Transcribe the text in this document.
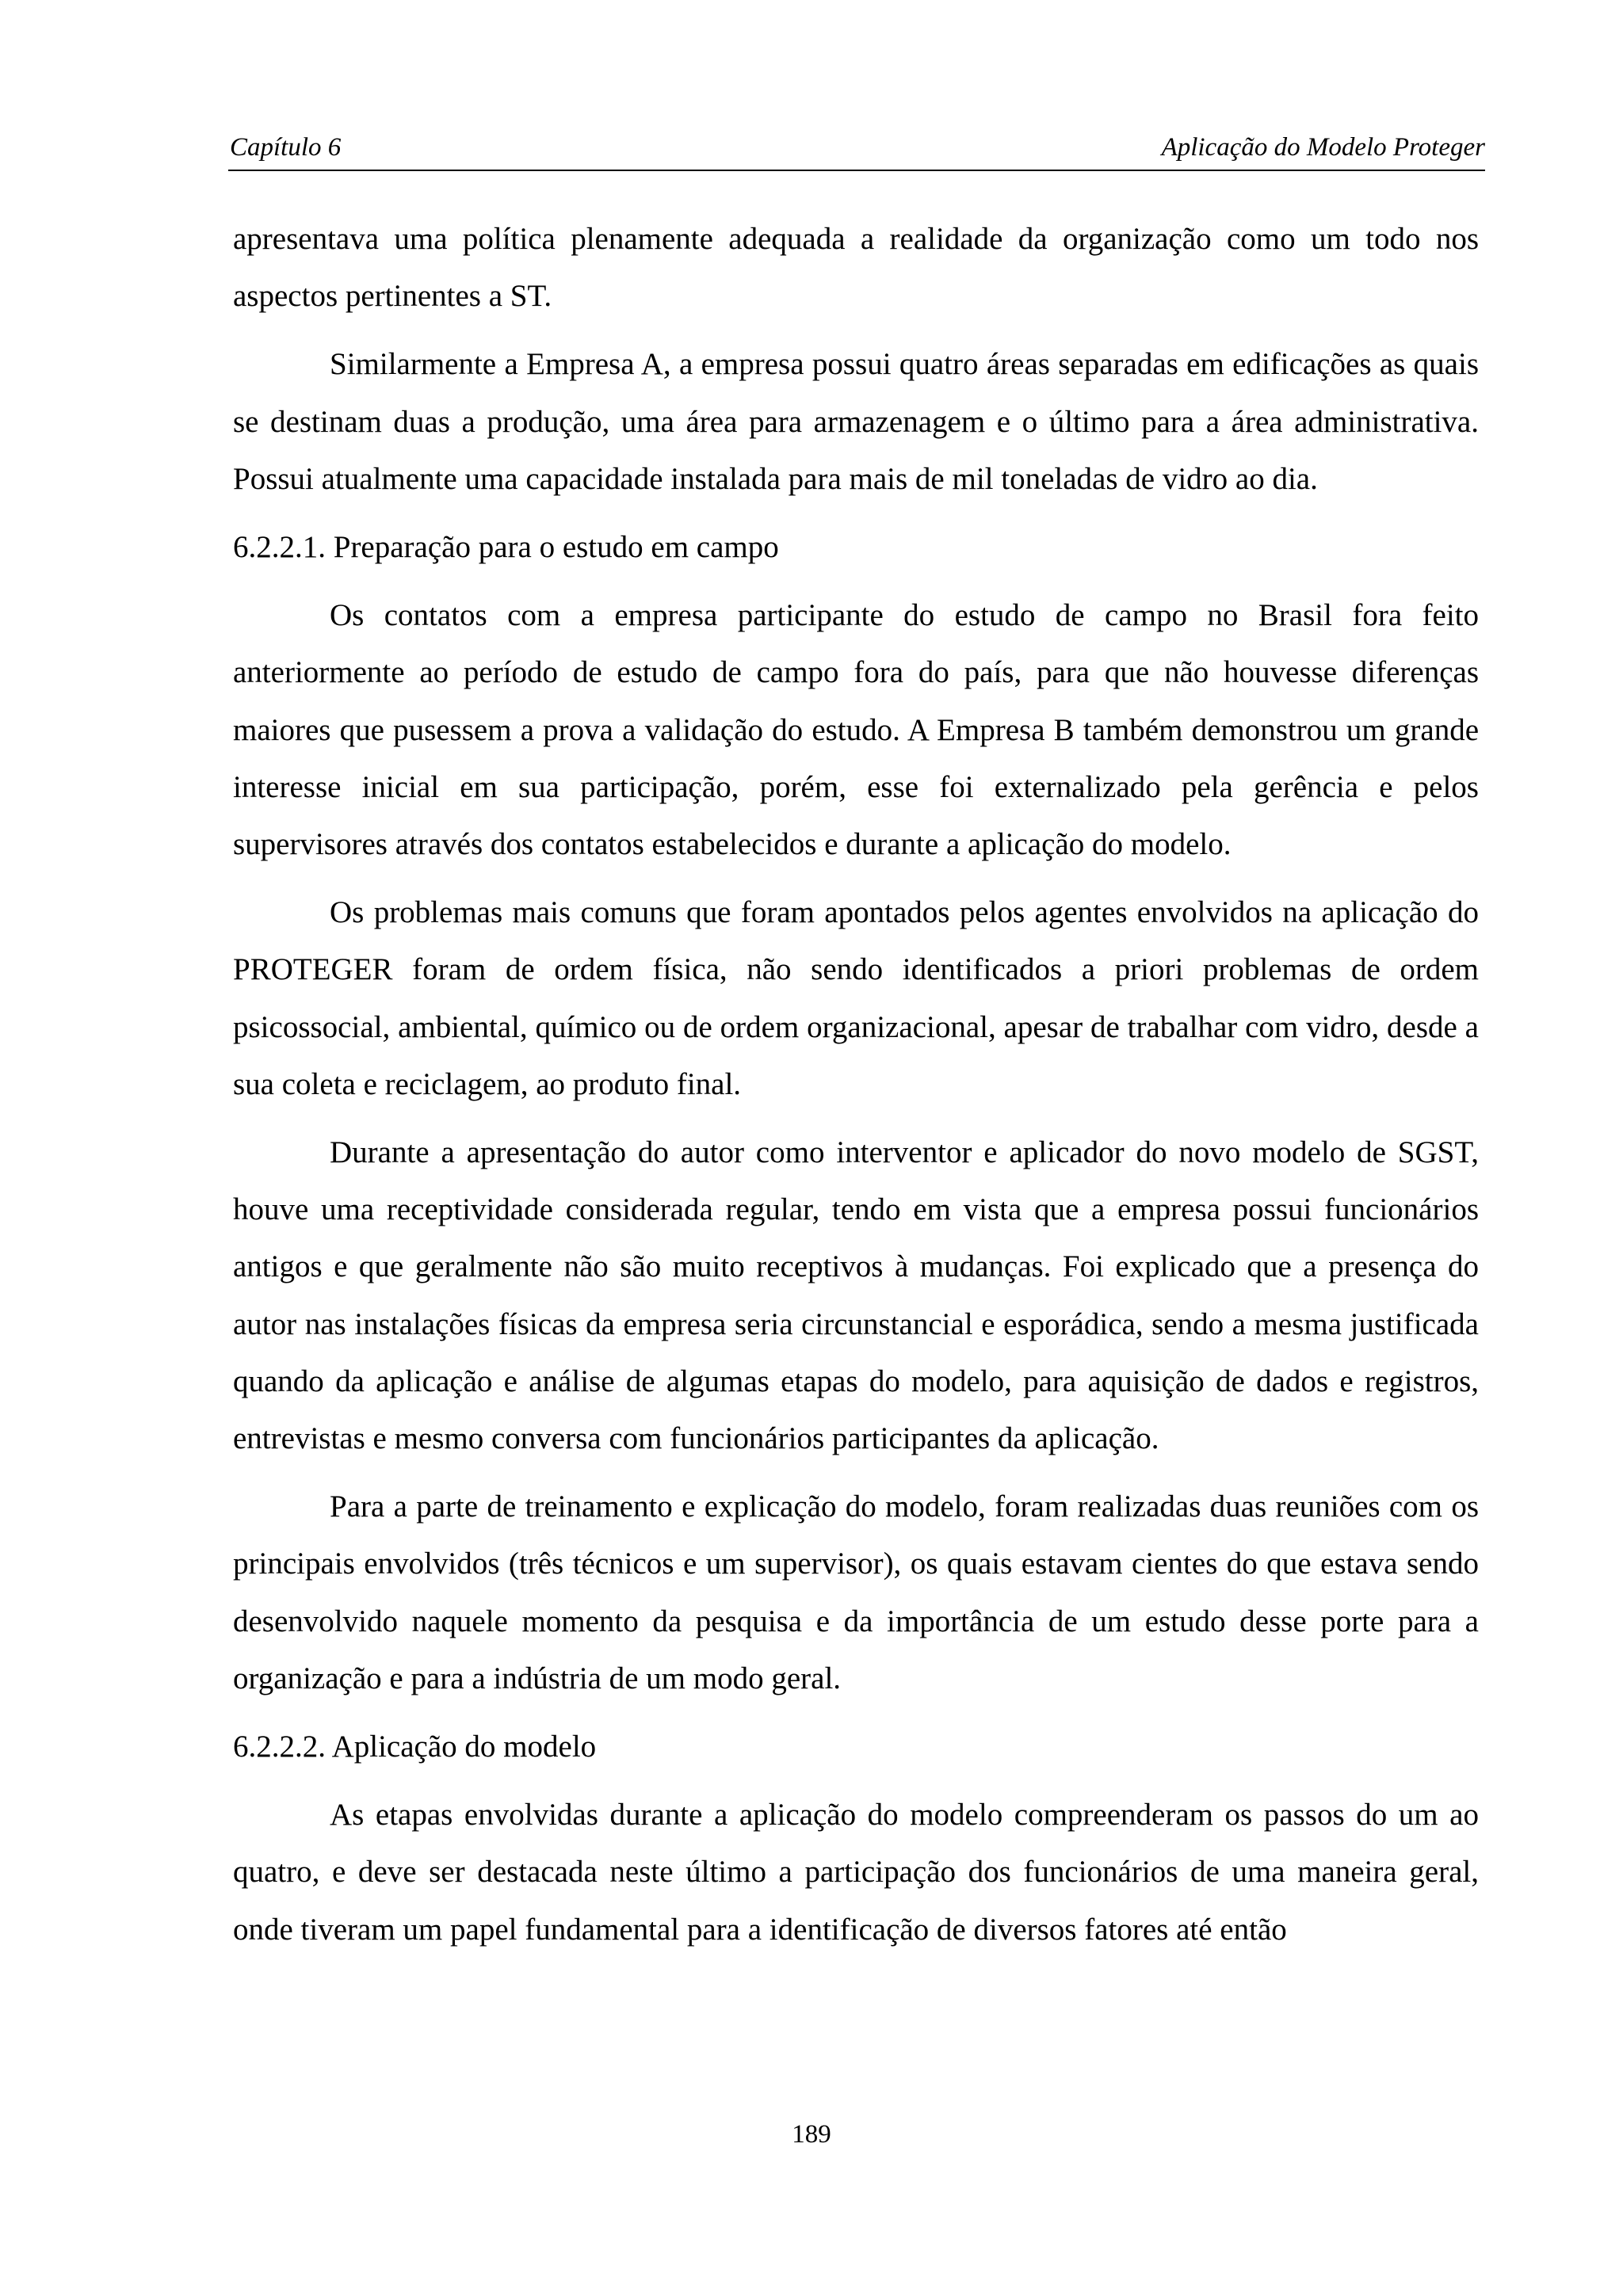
Capítulo 6	Aplicação do Modelo Proteger

apresentava uma política plenamente adequada a realidade da organização como um todo nos aspectos pertinentes a ST.

Similarmente a Empresa A, a empresa possui quatro áreas separadas em edificações as quais se destinam duas a produção, uma área para armazenagem e o último para a área administrativa. Possui atualmente uma capacidade instalada para mais de mil toneladas de vidro ao dia.

6.2.2.1. Preparação para o estudo em campo

Os contatos com a empresa participante do estudo de campo no Brasil fora feito anteriormente ao período de estudo de campo fora do país, para que não houvesse diferenças maiores que pusessem a prova a validação do estudo. A Empresa B também demonstrou um grande interesse inicial em sua participação, porém, esse foi externalizado pela gerência e pelos supervisores através dos contatos estabelecidos e durante a aplicação do modelo.

Os problemas mais comuns que foram apontados pelos agentes envolvidos na aplicação do PROTEGER foram de ordem física, não sendo identificados a priori problemas de ordem psicossocial, ambiental, químico ou de ordem organizacional, apesar de trabalhar com vidro, desde a sua coleta e reciclagem, ao produto final.

Durante a apresentação do autor como interventor e aplicador do novo modelo de SGST, houve uma receptividade considerada regular, tendo em vista que a empresa possui funcionários antigos e que geralmente não são muito receptivos à mudanças. Foi explicado que a presença do autor nas instalações físicas da empresa seria circunstancial e esporádica, sendo a mesma justificada quando da aplicação e análise de algumas etapas do modelo, para aquisição de dados e registros, entrevistas e mesmo conversa com funcionários participantes da aplicação.

Para a parte de treinamento e explicação do modelo, foram realizadas duas reuniões com os principais envolvidos (três técnicos e um supervisor), os quais estavam cientes do que estava sendo desenvolvido naquele momento da pesquisa e da importância de um estudo desse porte para a organização e para a indústria de um modo geral.

6.2.2.2. Aplicação do modelo

As etapas envolvidas durante a aplicação do modelo compreenderam os passos do um ao quatro, e deve ser destacada neste último a participação dos funcionários de uma maneira geral, onde tiveram um papel fundamental para a identificação de diversos fatores até então

189
